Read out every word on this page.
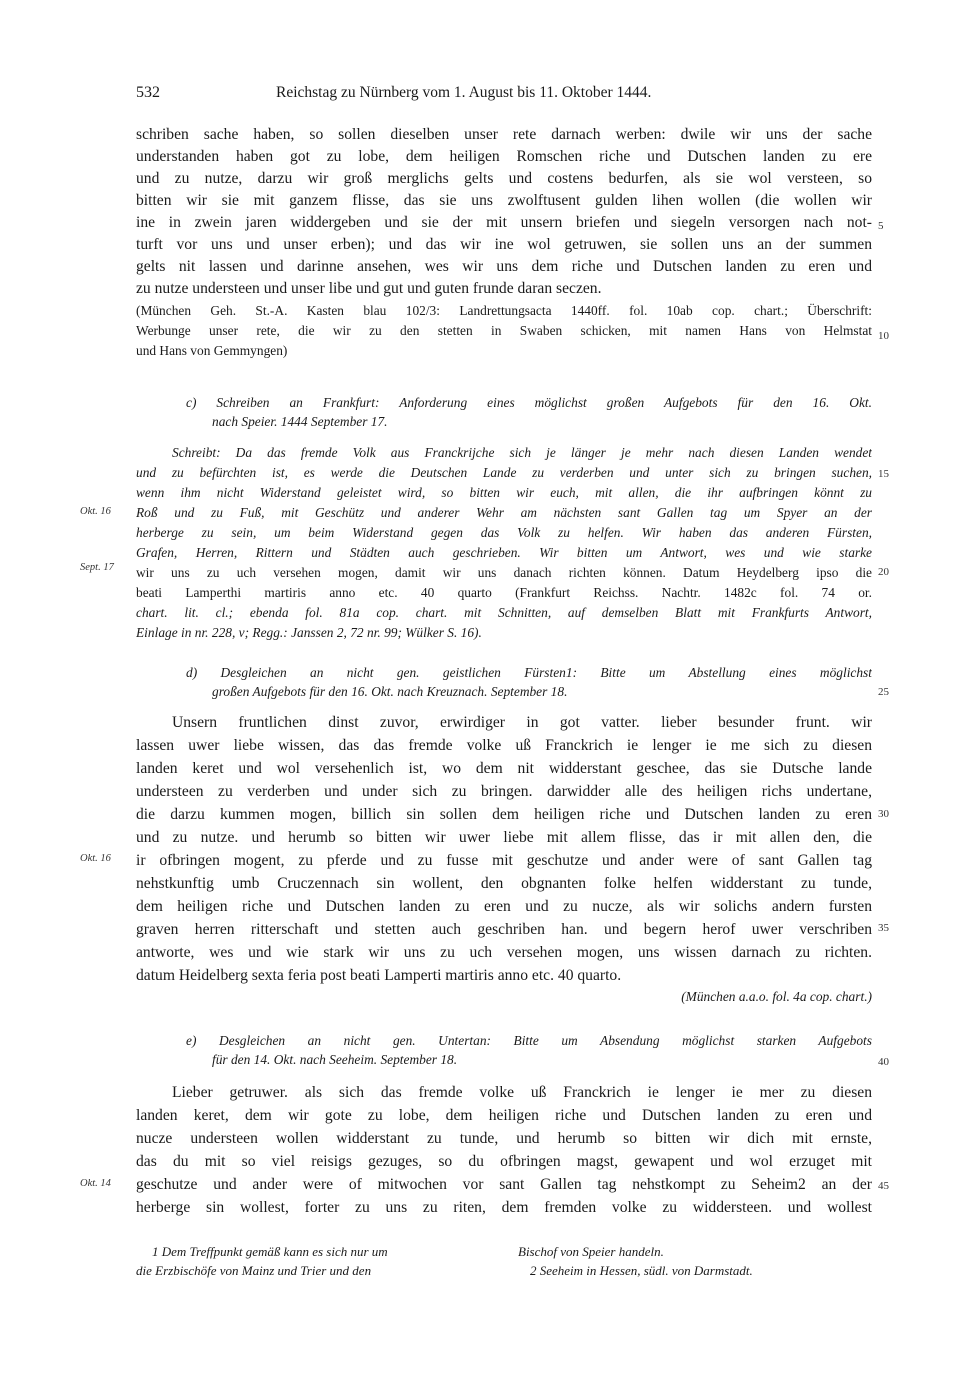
532	Reichstag zu Nürnberg vom 1. August bis 11. Oktober 1444.
schriben sache haben, so sollen dieselben unser rete darnach werben: dwile wir uns der sache
understanden haben got zu lobe, dem heiligen Romschen riche und Dutschen landen zu ere
und zu nutze, darzu wir groß merglichs gelts und costens bedurfen, als sie wol versteen, so
bitten wir sie mit ganzem flisse, das sie uns zwolftusent gulden lihen wollen (die wollen wir
ine in zwein jaren widdergeben und sie der mit unsern briefen und siegeln versorgen nach not-
turft vor uns und unser erben); und das wir ine wol getruwen, sie sollen uns an der summen
gelts nit lassen und darinne ansehen, wes wir uns dem riche und Dutschen landen zu eren und
zu nutze understeen und unser libe und gut und guten frunde daran seczen.
(München Geh. St.-A. Kasten blau 102/3: Landrettungsacta 1440ff. fol. 10ab cop. chart.; Überschrift:
Werbunge unser rete, die wir zu den stetten in Swaben schicken, mit namen Hans von Helmstat
und Hans von Gemmyngen)
c) Schreiben an Frankfurt: Anforderung eines möglichst großen Aufgebots für den 16. Okt.
nach Speier. 1444 September 17.
Schreibt: Da das fremde Volk aus Franckrijche sich je länger je mehr nach diesen Landen wendet
und zu befürchten ist, es werde die Deutschen Lande zu verderben und unter sich zu bringen suchen,
wenn ihm nicht Widerstand geleistet wird, so bitten wir euch, mit allen, die ihr aufbringen könnt zu
Roß und zu Fuß, mit Geschütz und anderer Wehr am nächsten sant Gallen tag um Spyer an der
herberge zu sein, um beim Widerstand gegen das Volk zu helfen. Wir haben das anderen Fürsten,
Grafen, Herren, Rittern und Städten auch geschrieben. Wir bitten um Antwort, wes und wie starke
wir uns zu uch versehen mogen, damit wir uns danach richten können. Datum Heydelberg ipso die
beati Lamperthi martiris anno etc. 40 quarto (Frankfurt Reichss. Nachtr. 1482c fol. 74 or.
chart. lit. cl.; ebenda fol. 81a cop. chart. mit Schnitten, auf demselben Blatt mit Frankfurts Antwort,
Einlage in nr. 228, v; Regg.: Janssen 2, 72 nr. 99; Wülker S. 16).
d) Desgleichen an nicht gen. geistlichen Fürsten1: Bitte um Abstellung eines möglichst
großen Aufgebots für den 16. Okt. nach Kreuznach. September 18.
Unsern fruntlichen dinst zuvor, erwirdiger in got vatter. lieber besunder frunt. wir
lassen uwer liebe wissen, das das fremde volke uß Franckrich ie lenger ie me sich zu diesen
landen keret und wol versehenlich ist, wo dem nit widderstant geschee, das sie Dutsche lande
understeen zu verderben und under sich zu bringen. darwidder alle des heiligen richs undertane,
die darzu kummen mogen, billich sin sollen dem heiligen riche und Dutschen landen zu eren
und zu nutze. und herumb so bitten wir uwer liebe mit allem flisse, das ir mit allen den, die
ir ofbringen mogent, zu pferde und zu fusse mit geschutze und ander were of sant Gallen tag
nehstkunftig umb Cruczennach sin wollent, den obgnanten folke helfen widderstant zu tunde,
dem heiligen riche und Dutschen landen zu eren und zu nucze, als wir solichs andern fursten
graven herren ritterschaft und stetten auch geschriben han. und begern herof uwer verschriben
antworte, wes und wie stark wir uns zu uch versehen mogen, uns wissen darnach zu richten.
datum Heidelberg sexta feria post beati Lamperti martiris anno etc. 40 quarto.
(München a.a.o. fol. 4a cop. chart.)
e) Desgleichen an nicht gen. Untertan: Bitte um Absendung möglichst starken Aufgebots
für den 14. Okt. nach Seeheim. September 18.
Lieber getruwer. als sich das fremde volke uß Franckrich ie lenger ie mer zu diesen
landen keret, dem wir gote zu lobe, dem heiligen riche und Dutschen landen zu eren und
nucze understeen wollen widderstant zu tunde, und herumb so bitten wir dich mit ernste,
das du mit so viel reisigs gezuges, so du ofbringen magst, gewapent und wol erzuget mit
geschutze und ander were of mitwochen vor sant Gallen tag nehstkompt zu Seheim2 an der
herberge sin wollest, forter zu uns zu riten, dem fremden volke zu widdersteen. und wollest
5
10
15
20
25
30
35
40
45
Okt. 16
Sept. 17
Okt. 16
Okt. 14
1 Dem Treffpunkt gemäß kann es sich nur um
die Erzbischöfe von Mainz und Trier und den
Bischof von Speier handeln.
2 Seeheim in Hessen, südl. von Darmstadt.
